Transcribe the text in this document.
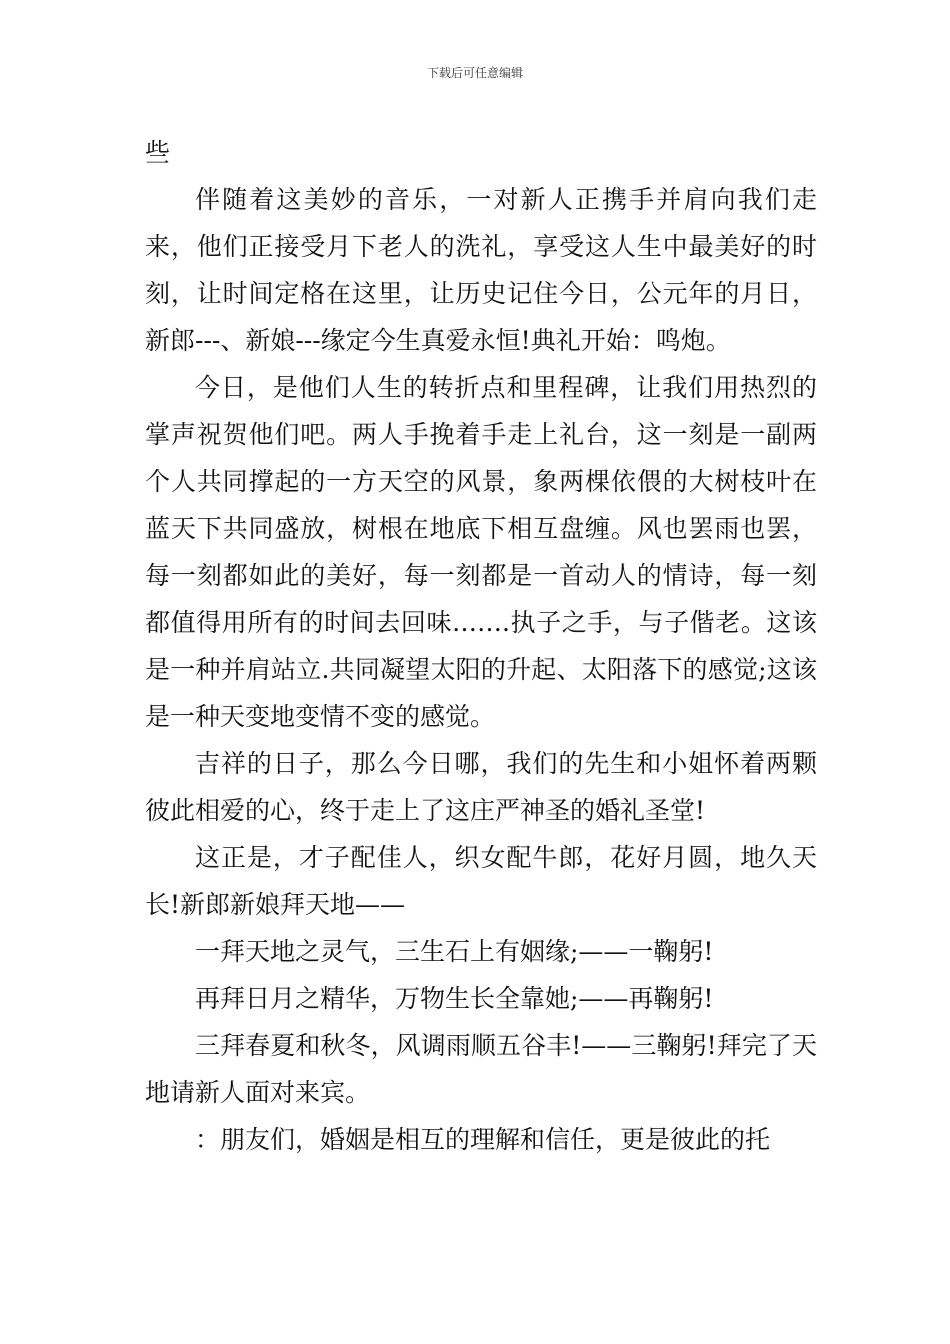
下载后可任意编辑

些

伴随着这美妙的音乐，一对新人正携手并肩向我们走来，他们正接受月下老人的洗礼，享受这人生中最美好的时刻，让时间定格在这里，让历史记住今日，公元年的月日，新郎---、新娘---缘定今生真爱永恒!典礼开始：鸣炮。

今日，是他们人生的转折点和里程碑，让我们用热烈的掌声祝贺他们吧。两人手挽着手走上礼台，这一刻是一副两个人共同撑起的一方天空的风景，象两棵依偎的大树枝叶在蓝天下共同盛放，树根在地底下相互盘缠。风也罢雨也罢，每一刻都如此的美好，每一刻都是一首动人的情诗，每一刻都值得用所有的时间去回味…….执子之手，与子偕老。这该是一种并肩站立.共同凝望太阳的升起、太阳落下的感觉;这该是一种天变地变情不变的感觉。

吉祥的日子，那么今日哪，我们的先生和小姐怀着两颗彼此相爱的心，终于走上了这庄严神圣的婚礼圣堂!

这正是，才子配佳人，织女配牛郎，花好月圆，地久天长!新郎新娘拜天地——

一拜天地之灵气，三生石上有姻缘;——一鞠躬!

再拜日月之精华，万物生长全靠她;——再鞠躬!

三拜春夏和秋冬，风调雨顺五谷丰!——三鞠躬!拜完了天地请新人面对来宾。

：朋友们，婚姻是相互的理解和信任，更是彼此的托
